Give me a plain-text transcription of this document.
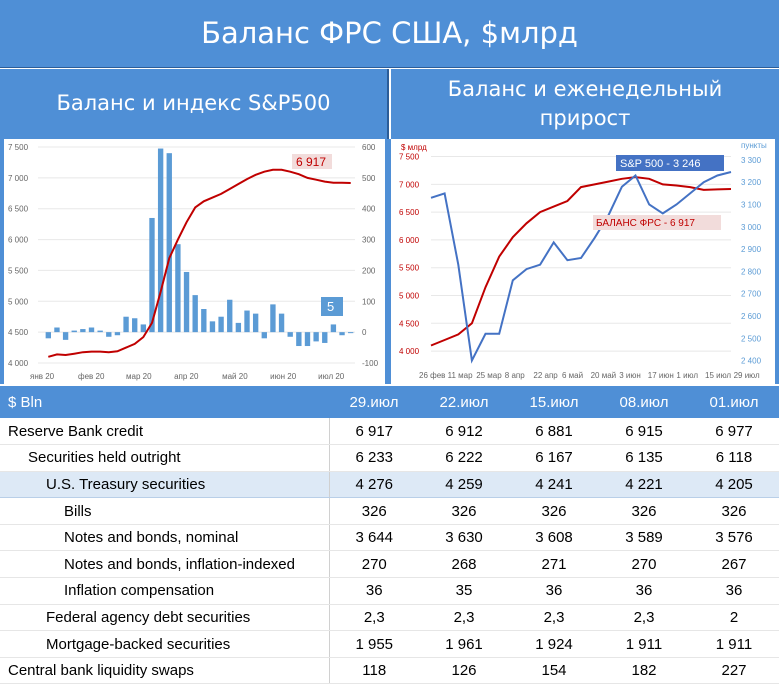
Баланс ФРС США, $млрд
Баланс и индекс S&P500
Баланс и еженедельный прирост
600
500
400
300
200
100
0
-100
7 500
7 000
6 500
6 000
5 500
5 000
4 500
4 000
янв 20	фев 20	мар 20	апр 20	май 20	июн 20	июл 20
6 917
5
$ млрд	пункты
7 500
7 000
6 500
6 000
5 500
5 000
4 500
4 000
3 300
3 200
3 100
3 000
2 900
2 800
2 700
2 600
2 500
2 400
26 фев 11 мар 25 мар 8 апр 22 апр 6 май 20 май 3 июн 17 июн 1 июл 15 июл 29 июл
S&P 500 - 3 246
БАЛАНС ФРС - 6 917
$ Bln	29.июл	22.июл	15.июл	08.июл	01.июл
Reserve Bank credit	6 917	6 912	6 881	6 915	6 977
Securities held outright	6 233	6 222	6 167	6 135	6 118
U.S. Treasury securities	4 276	4 259	4 241	4 221	4 205
Bills	326	326	326	326	326
Notes and bonds, nominal	3 644	3 630	3 608	3 589	3 576
Notes and bonds, inflation-indexed	270	268	271	270	267
Inflation compensation	36	35	36	36	36
Federal agency debt securities	2,3	2,3	2,3	2,3	2
Mortgage-backed securities	1 955	1 961	1 924	1 911	1 911
Central bank liquidity swaps	118	126	154	182	227
